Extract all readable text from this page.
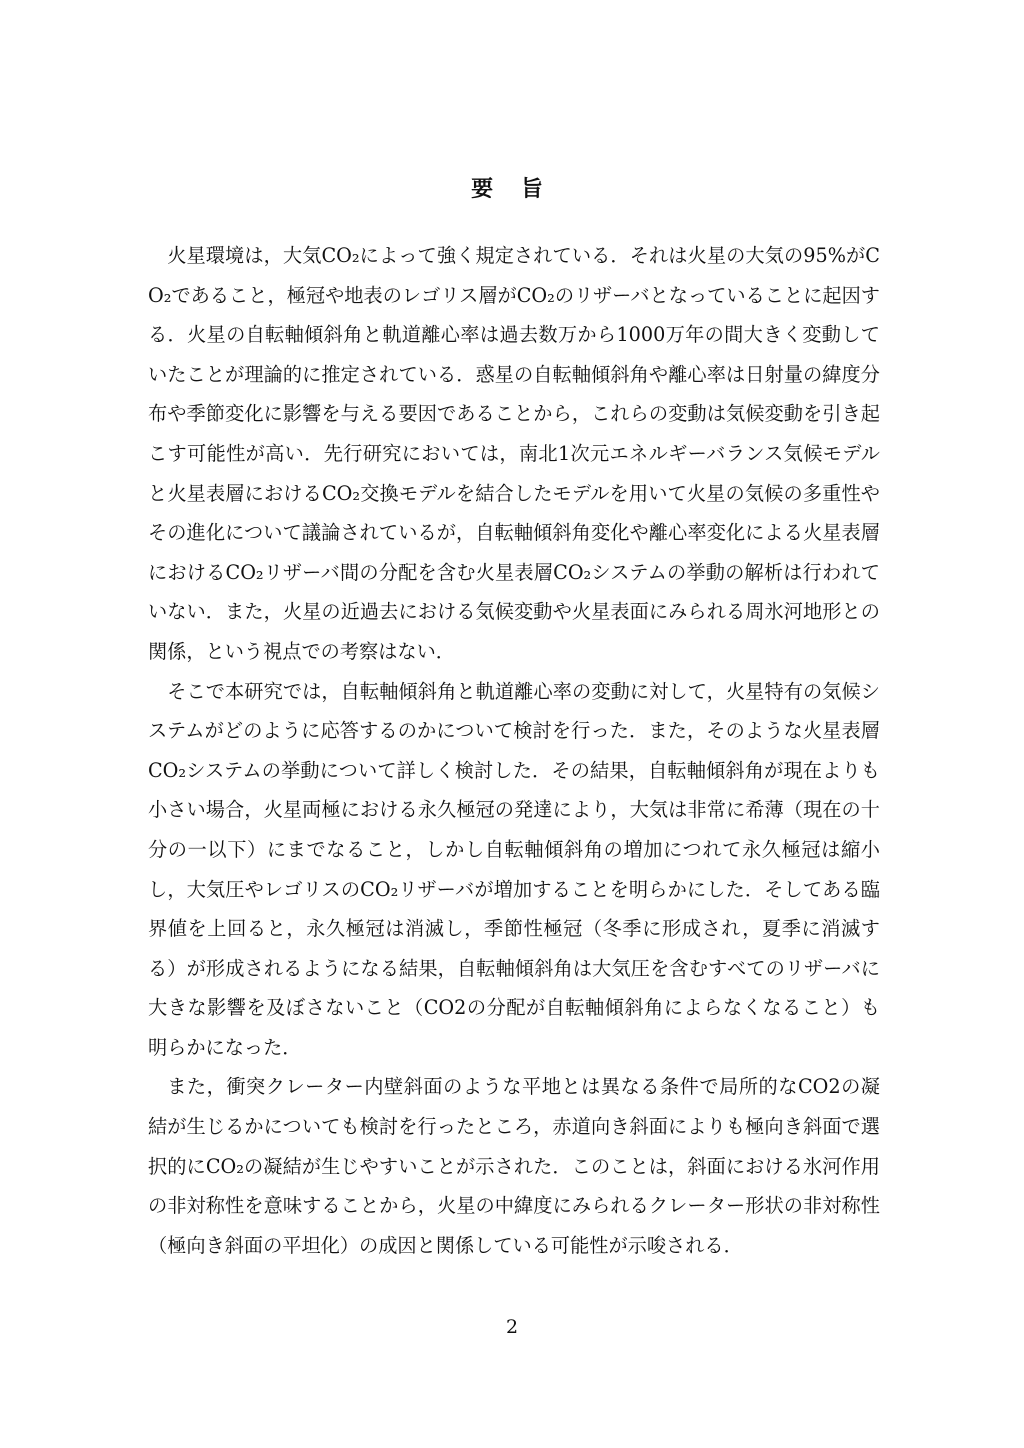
要 旨

火星環境は，大気CO₂によって強く規定されている．それは火星の大気の95%がCO₂であること，極冠や地表のレゴリス層がCO₂のリザーバとなっていることに起因する．火星の自転軸傾斜角と軌道離心率は過去数万から1000万年の間大きく変動していたことが理論的に推定されている．惑星の自転軸傾斜角や離心率は日射量の緯度分布や季節変化に影響を与える要因であることから，これらの変動は気候変動を引き起こす可能性が高い．先行研究においては，南北1次元エネルギーバランス気候モデルと火星表層におけるCO₂交換モデルを結合したモデルを用いて火星の気候の多重性やその進化について議論されているが，自転軸傾斜角変化や離心率変化による火星表層におけるCO₂リザーバ間の分配を含む火星表層CO₂システムの挙動の解析は行われていない．また，火星の近過去における気候変動や火星表面にみられる周氷河地形との関係，という視点での考察はない．

そこで本研究では，自転軸傾斜角と軌道離心率の変動に対して，火星特有の気候システムがどのように応答するのかについて検討を行った．また，そのような火星表層CO₂システムの挙動について詳しく検討した．その結果，自転軸傾斜角が現在よりも小さい場合，火星両極における永久極冠の発達により，大気は非常に希薄（現在の十分の一以下）にまでなること，しかし自転軸傾斜角の増加につれて永久極冠は縮小し，大気圧やレゴリスのCO₂リザーバが増加することを明らかにした．そしてある臨界値を上回ると，永久極冠は消滅し，季節性極冠（冬季に形成され，夏季に消滅する）が形成されるようになる結果，自転軸傾斜角は大気圧を含むすべてのリザーバに大きな影響を及ぼさないこと（CO2の分配が自転軸傾斜角によらなくなること）も明らかになった．

また，衝突クレーター内壁斜面のような平地とは異なる条件で局所的なCO2の凝結が生じるかについても検討を行ったところ，赤道向き斜面によりも極向き斜面で選択的にCO₂の凝結が生じやすいことが示された．このことは，斜面における氷河作用の非対称性を意味することから，火星の中緯度にみられるクレーター形状の非対称性（極向き斜面の平坦化）の成因と関係している可能性が示唆される．

2
